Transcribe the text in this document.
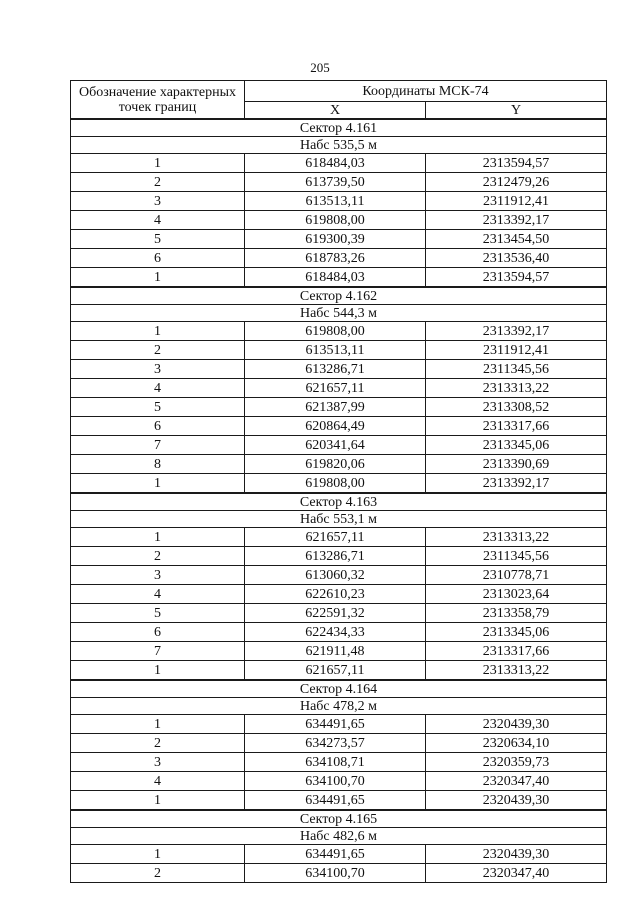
205
Обозначение характерных точек границ	Координаты МСК-74	
	X	Y
Сектор 4.161		
Набс 535,5 м		
1	618484,03	2313594,57
2	613739,50	2312479,26
3	613513,11	2311912,41
4	619808,00	2313392,17
5	619300,39	2313454,50
6	618783,26	2313536,40
1	618484,03	2313594,57
Сектор 4.162		
Набс 544,3 м		
1	619808,00	2313392,17
2	613513,11	2311912,41
3	613286,71	2311345,56
4	621657,11	2313313,22
5	621387,99	2313308,52
6	620864,49	2313317,66
7	620341,64	2313345,06
8	619820,06	2313390,69
1	619808,00	2313392,17
Сектор 4.163		
Набс 553,1 м		
1	621657,11	2313313,22
2	613286,71	2311345,56
3	613060,32	2310778,71
4	622610,23	2313023,64
5	622591,32	2313358,79
6	622434,33	2313345,06
7	621911,48	2313317,66
1	621657,11	2313313,22
Сектор 4.164		
Набс 478,2 м		
1	634491,65	2320439,30
2	634273,57	2320634,10
3	634108,71	2320359,73
4	634100,70	2320347,40
1	634491,65	2320439,30
Сектор 4.165		
Набс 482,6 м		
1	634491,65	2320439,30
2	634100,70	2320347,40
